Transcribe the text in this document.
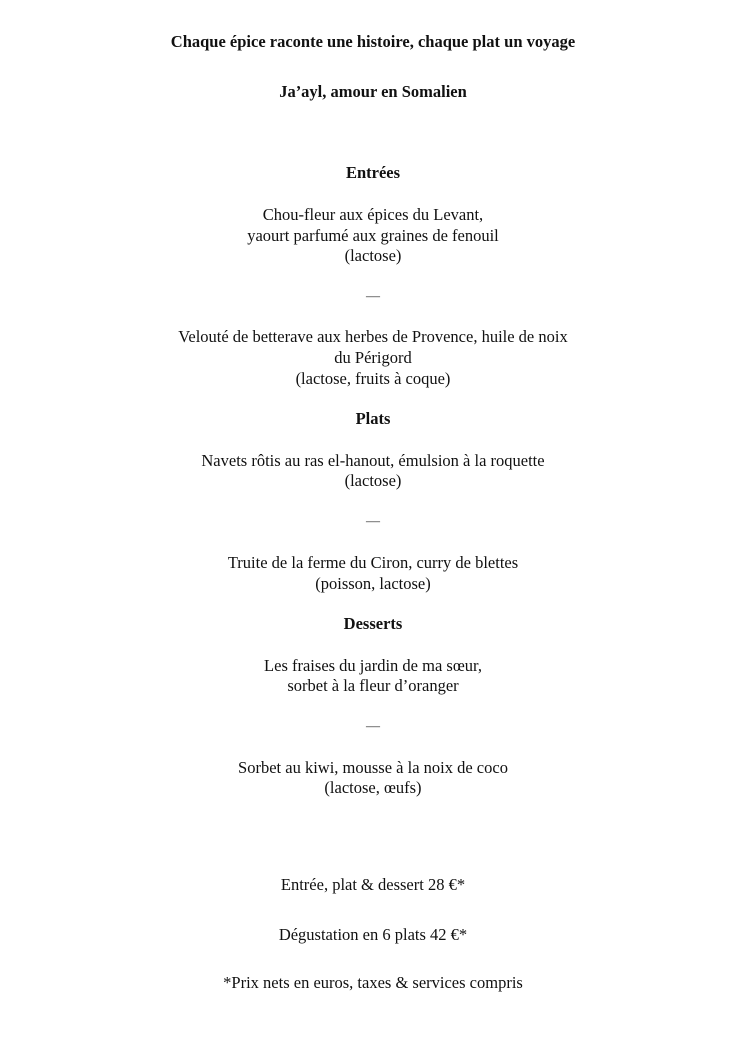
Chaque épice raconte une histoire, chaque plat un voyage
Ja’ayl, amour en Somalien
Entrées
Chou-fleur aux épices du Levant,
yaourt parfumé aux graines de fenouil
(lactose)
—
Velouté de betterave aux herbes de Provence, huile de noix
du Périgord
(lactose, fruits à coque)
Plats
Navets rôtis au ras el-hanout, émulsion à la roquette
(lactose)
—
Truite de la ferme du Ciron, curry de blettes
(poisson, lactose)
Desserts
Les fraises du jardin de ma sœur,
sorbet à la fleur d’oranger
—
Sorbet au kiwi, mousse à la noix de coco
(lactose, œufs)
Entrée, plat & dessert 28 €*
Dégustation en 6 plats 42 €*
*Prix nets en euros, taxes & services compris
